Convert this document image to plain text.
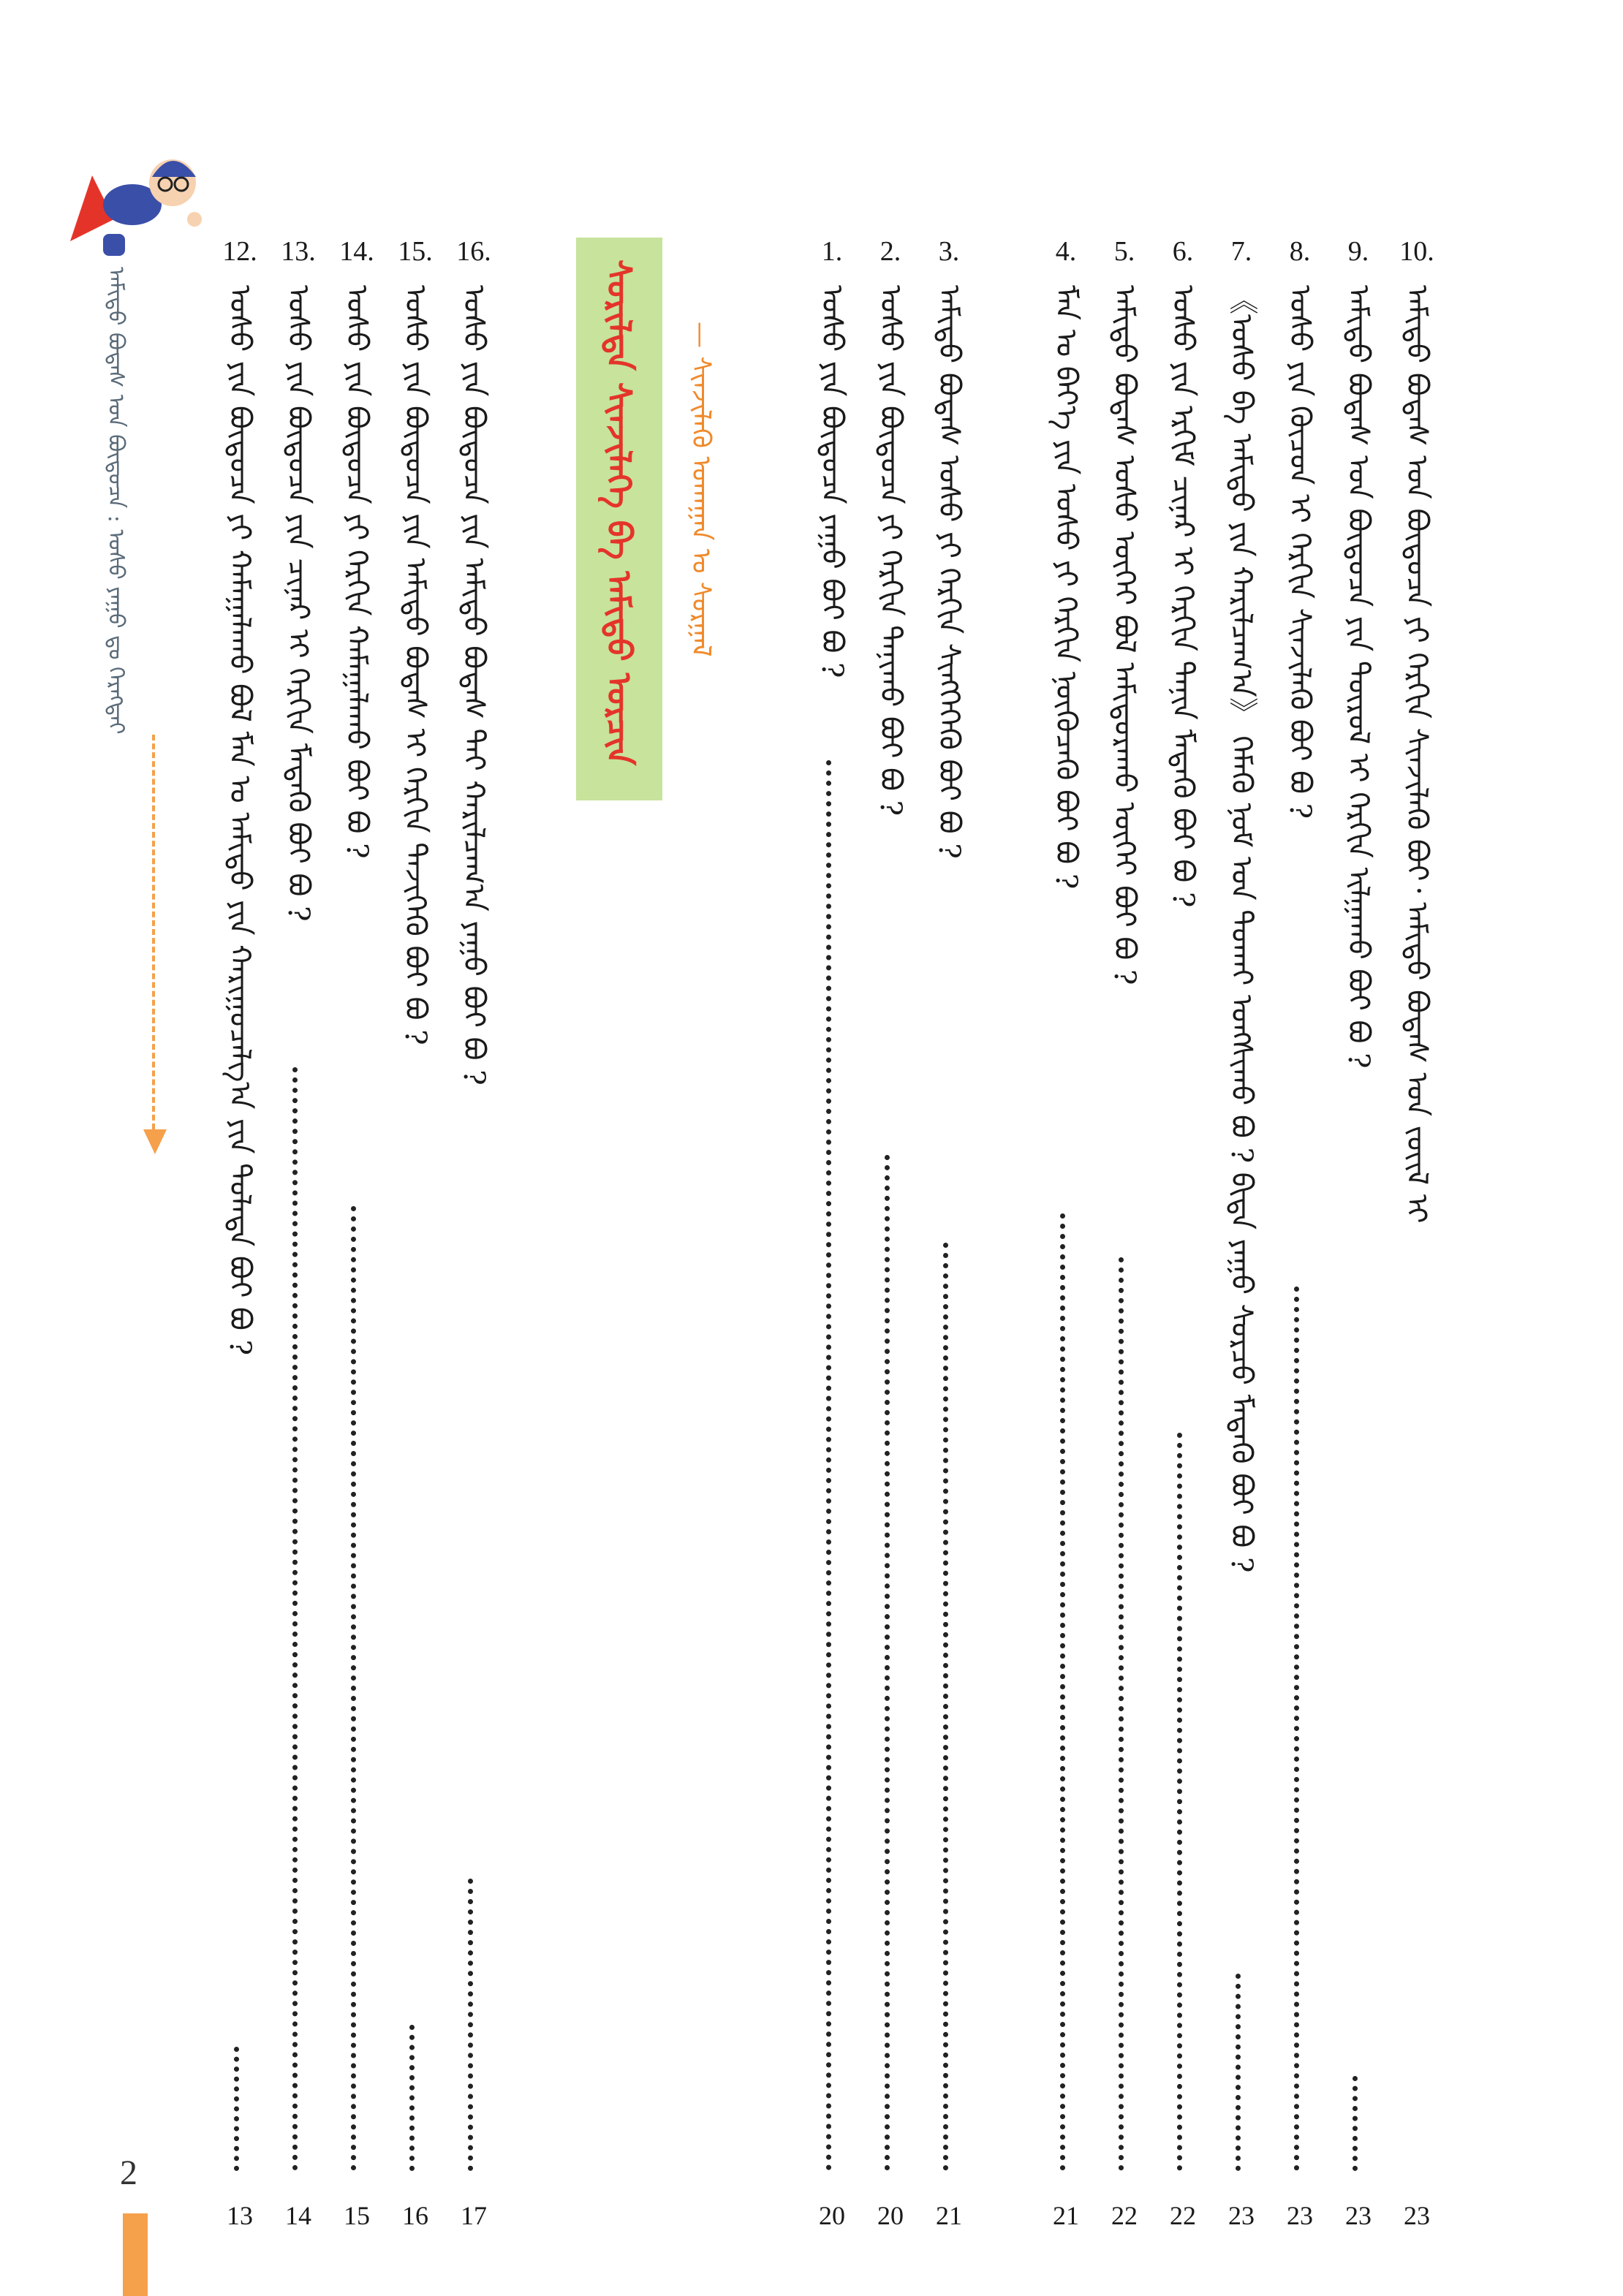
ᠠᠮᠢᠳᠤ ᠪᠣᠳᠠᠰ ᠤᠨ ᠪᠦᠲᠦᠴᠡ : ᠤᠰᠤ ᠶᠠᠭᠤ ᠳᠤ ᠬᠡᠷᠡᠭᠲᠡᠢ
16.
ᠤᠰᠤ ᠶᠢᠨ ᠪᠦᠲᠦᠴᠡ ᠶᠢᠨ ᠠᠮᠢᠳᠤ ᠪᠣᠳᠠᠰ ᠲᠠᠢ ᠬᠠᠷᠢᠯᠴᠠᠭ᠎ᠠ ᠶᠠᠭᠤ ᠪᠤᠢ ᠪᠤ ?
17
15.
ᠤᠰᠤ ᠶᠢᠨ ᠪᠦᠲᠦᠴᠡ ᠶᠢᠨ ᠠᠮᠢᠳᠤ ᠪᠣᠳᠠᠰ ᠢ ᠬᠡᠷᠬᠢᠨ ᠲᠡᠵᠢᠭᠡᠬᠦ ᠪᠤᠢ ᠪᠤ ?
16
14.
ᠤᠰᠤ ᠶᠢᠨ ᠪᠦᠲᠦᠴᠡ ᠶᠢ ᠬᠡᠷᠬᠢᠨ ᠬᠠᠮᠠᠭᠠᠯᠠᠬᠤ ᠪᠤᠢ ᠪᠤ ?
15
13.
ᠤᠰᠤ ᠶᠢᠨ ᠪᠦᠲᠦᠴᠡ ᠶᠢᠨ ᠴᠢᠨᠠᠷ ᠢ ᠬᠡᠷᠬᠢᠨ ᠮᠡᠳᠡᠬᠦ ᠪᠤᠢ ᠪᠤ ?
14
12.
ᠤᠰᠤ ᠶᠢᠨ ᠪᠦᠲᠦᠴᠡ ᠶᠢ ᠬᠠᠮᠠᠭᠠᠯᠠᠬᠤ ᠪᠣᠯ ᠮᠠᠨ ᠤ ᠠᠮᠢᠳᠤ ᠶᠢᠨ ᠬᠠᠷᠢᠭᠤᠴᠠᠯᠭ᠎ᠠ ᠶᠢᠨ ᠲᠤᠯᠠᠳᠠ ᠪᠤᠢ ᠪᠤ ?
13
ᠰᠣᠷᠢᠯᠲᠠ ᠰᠢᠨᠵᠢᠯᠡᠭᠡ ᠪᠠ ᠠᠮᠢᠳᠤ ᠣᠷᠴᠢᠨ — ᠰᠢᠨᠵᠢᠯᠡᠬᠦ ᠤᠬᠠᠭᠠᠨ ᠤ ᠰᠤᠷᠭᠠᠯ
10.
ᠠᠮᠢᠳᠤ ᠪᠣᠳᠠᠰ ᠤᠨ ᠪᠦᠲᠦᠴᠡ ᠶᠢ ᠬᠡᠷᠬᠢᠨ ᠰᠢᠨᠵᠢᠯᠡᠬᠦ ᠪᠤᠢ᠂ ᠠᠮᠢᠳᠤ ᠪᠣᠳᠠᠰ ᠤᠨ ᠵᠦᠢᠯ ᠢ
23
9.
ᠠᠮᠢᠳᠤ ᠪᠣᠳᠠᠰ ᠤᠨ ᠪᠦᠲᠦᠴᠡ ᠶᠢᠨ ᠲᠥᠷᠥᠯ ᠢ ᠬᠡᠷᠬᠢᠨ ᠢᠯᠭᠠᠬᠤ ᠪᠤᠢ ᠪᠤ ?
23
8.
ᠤᠰᠤ ᠶᠢᠨ ᠬᠦᠴᠦᠨ ᠢ ᠬᠡᠷᠬᠢᠨ ᠰᠢᠨᠵᠢᠯᠡᠬᠦ ᠪᠤᠢ ᠪᠤ ?
23
7.
《ᠤᠰᠤ ᠪᠠ ᠠᠮᠢᠳᠤ ᠶᠢᠨ ᠬᠠᠷᠢᠯᠴᠠᠭ᠎ᠠ》 ᠬᠡᠮᠡᠬᠦ ᠨᠣᠮ ᠤᠨ ᠲᠤᠬᠠᠢ ᠤᠩᠰᠢᠬᠤ ᠪᠤ ? ᠪᠢᠳᠡ ᠶᠠᠭᠤ ᠰᠤᠷᠴᠤ ᠮᠡᠳᠡᠬᠦ ᠪᠤᠢ ᠪᠤ ?
23
6.
ᠤᠰᠤ ᠶᠢᠨ ᠡᠷᠬᠢᠮ ᠴᠢᠨᠠᠷ ᠢ ᠬᠡᠷᠬᠢᠨ ᠲᠠᠨᠢᠨ ᠮᠡᠳᠡᠬᠦ ᠪᠤᠢ ᠪᠤ ?
22
5.
ᠠᠮᠢᠳᠤ ᠪᠣᠳᠠᠰ ᠤᠰᠤ ᠦᠭᠡᠢ ᠪᠣᠯ ᠠᠮᠢᠳᠤᠷᠠᠬᠤ ᠦᠭᠡᠢ ᠪᠤᠢ ᠪᠤ ?
22
4.
ᠮᠠᠨ ᠤ ᠪᠡᠶ᠎ᠡ ᠶᠢᠨ ᠤᠰᠤ ᠶᠢ ᠬᠡᠷᠬᠢᠨ ᠨᠥᠭᠦᠴᠡᠬᠦ ᠪᠤᠢ ᠪᠤ ?
21
3.
ᠠᠮᠢᠳᠤ ᠪᠣᠳᠠᠰ ᠤᠰᠤ ᠶᠢ ᠬᠡᠷᠬᠢᠨ ᠰᠢᠩᠭᠡᠭᠡᠬᠦ ᠪᠤᠢ ᠪᠤ ?
21
2.
ᠤᠰᠤ ᠶᠢᠨ ᠪᠦᠲᠦᠴᠡ ᠶᠢ ᠬᠡᠷᠬᠢᠨ ᠲᠠᠨᠢᠬᠤ ᠪᠤᠢ ᠪᠤ ?
20
1.
ᠤᠰᠤ ᠶᠢᠨ ᠪᠦᠲᠦᠴᠡ ᠶᠠᠭᠤ ᠪᠤᠢ ᠪᠤ ?
20
2
